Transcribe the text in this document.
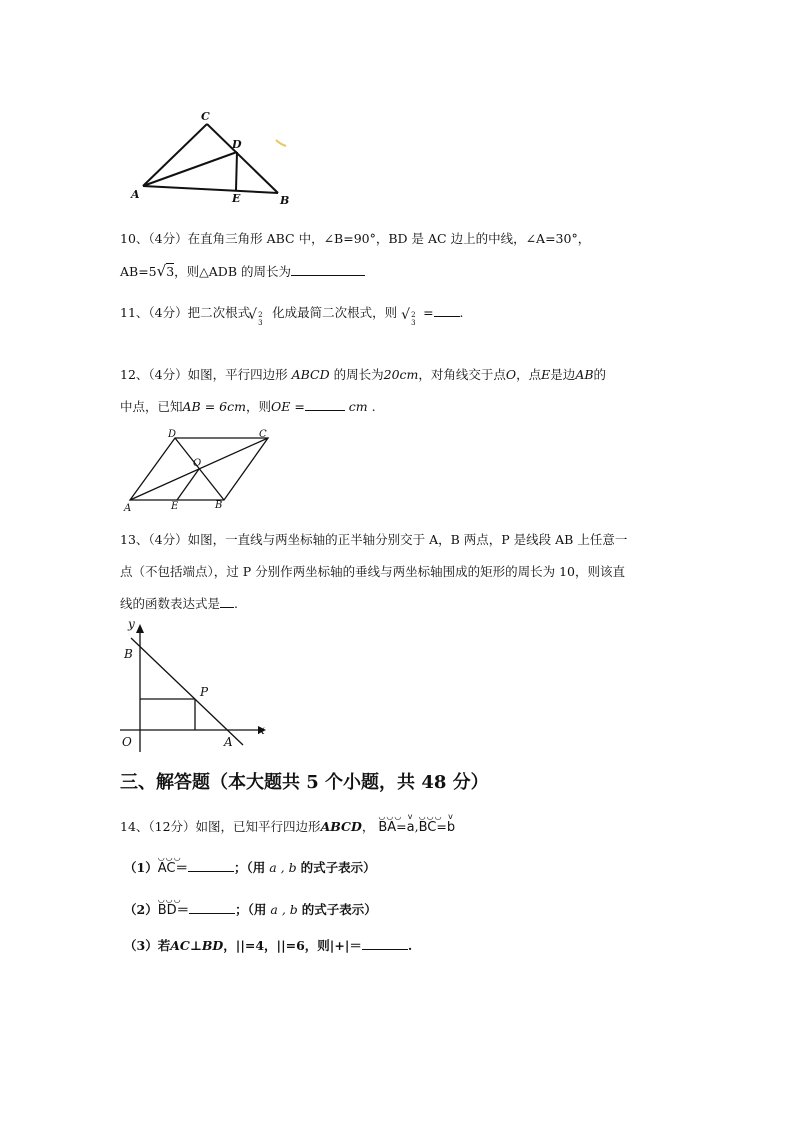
C
D
A	E	B
10、（4分）在直角三角形 ABC 中，∠B=90°，BD 是 AC 边上的中线，∠A=30°，
AB=5√3，则△ADB 的周长为
11、（4分）把二次根式
√ 2
3
化成最简二次根式，则 √ 2
3
= .
12、（4分）如图，平行四边形 ABCD 的周长为20cm，对角线交于点O，点E是边AB的
中点，已知AB = 6cm，则OE =	cm .
D	C
O
A	E	B
13、（4分）如图，一直线与两坐标轴的正半轴分别交于 A，B 两点，P 是线段 AB 上任意一
点（不包括端点），过 P 分别作两坐标轴的垂线与两坐标轴围成的矩形的周长为 10，则该直
线的函数表达式是 .
y
B
P
O	A
x
三、解答题（本大题共 5 个小题，共 48 分）
14、（12分）如图，已知平行四边形ABCD，
◡◡◡
BA=
v
a,
◡◡◡
BC=
v
b
（1）
◡◡◡
AC＝	；（用 a , b 的式子表示）
（2）
◡◡◡
BD＝	；（用 a , b 的式子表示）
（3）若AC⊥BD，||=4，||=6，则|+|＝	.
